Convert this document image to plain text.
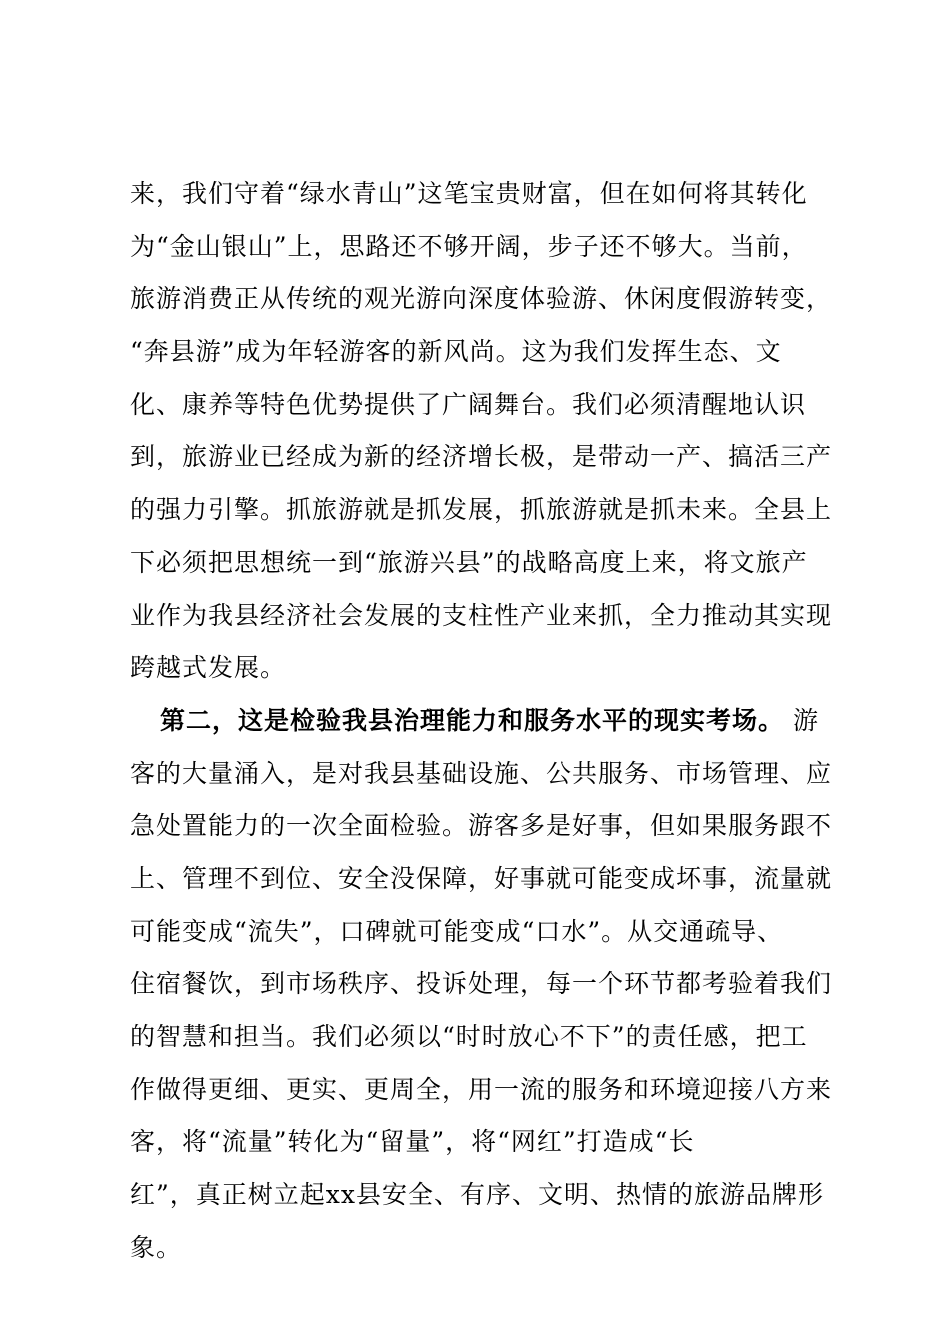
来，我们守着“绿水青山”这笔宝贵财富，但在如何将其转化
为“金山银山”上，思路还不够开阔，步子还不够大。当前，
旅游消费正从传统的观光游向深度体验游、休闲度假游转变，
“奔县游”成为年轻游客的新风尚。这为我们发挥生态、文
化、康养等特色优势提供了广阔舞台。我们必须清醒地认识
到，旅游业已经成为新的经济增长极，是带动一产、搞活三产
的强力引擎。抓旅游就是抓发展，抓旅游就是抓未来。全县上
下必须把思想统一到“旅游兴县”的战略高度上来，将文旅产
业作为我县经济社会发展的支柱性产业来抓，全力推动其实现
跨越式发展。
第二，这是检验我县治理能力和服务水平的现实考场。 游
客的大量涌入，是对我县基础设施、公共服务、市场管理、应
急处置能力的一次全面检验。游客多是好事，但如果服务跟不
上、管理不到位、安全没保障，好事就可能变成坏事，流量就
可能变成“流失”，口碑就可能变成“口水”。从交通疏导、
住宿餐饮，到市场秩序、投诉处理，每一个环节都考验着我们
的智慧和担当。我们必须以“时时放心不下”的责任感，把工
作做得更细、更实、更周全，用一流的服务和环境迎接八方来
客，将“流量”转化为“留量”，将“网红”打造成“长
红”，真正树立起xx县安全、有序、文明、热情的旅游品牌形
象。
